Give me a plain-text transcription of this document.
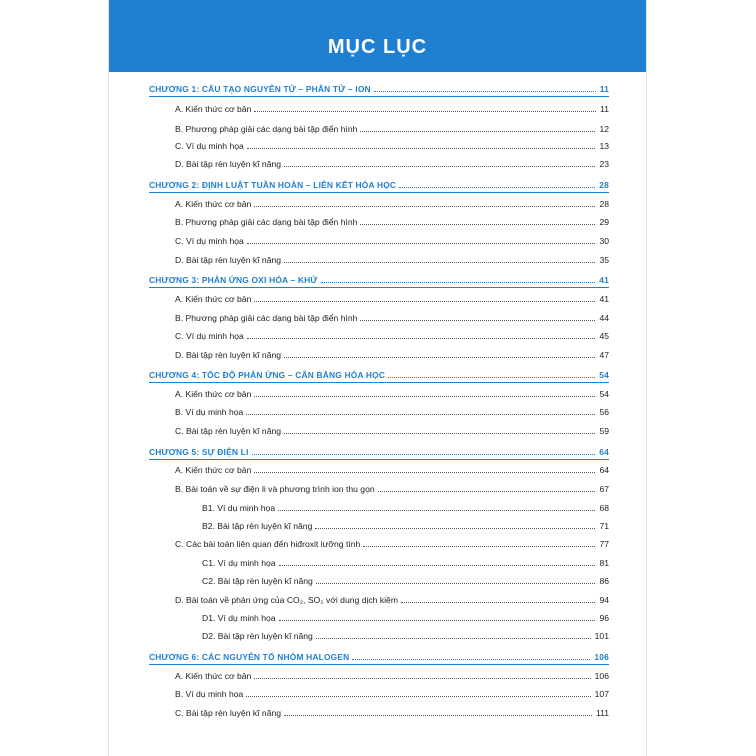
MỤC LỤC
CHƯƠNG 1: CẤU TẠO NGUYÊN TỬ – PHÂN TỬ – ION	11
A. Kiến thức cơ bản	11
B. Phương pháp giải các dạng bài tập điển hình	12
C. Ví dụ minh họa	13
D. Bài tập rèn luyện kĩ năng	23
CHƯƠNG 2: ĐỊNH LUẬT TUẦN HOÀN – LIÊN KẾT HÓA HỌC	28
A. Kiến thức cơ bản	28
B. Phương pháp giải các dạng bài tập điển hình	29
C. Ví dụ minh họa	30
D. Bài tập rèn luyện kĩ năng	35
CHƯƠNG 3: PHẢN ỨNG OXI HÓA – KHỬ	41
A. Kiến thức cơ bản	41
B. Phương pháp giải các dạng bài tập điển hình	44
C. Ví dụ minh họa	45
D. Bài tập rèn luyện kĩ năng	47
CHƯƠNG 4: TỐC ĐỘ PHẢN ỨNG – CÂN BẰNG HÓA HỌC	54
A. Kiến thức cơ bản	54
B. Ví dụ minh họa	56
C. Bài tập rèn luyện kĩ năng	59
CHƯƠNG 5: SỰ ĐIỆN LI	64
A. Kiến thức cơ bản	64
B. Bài toán về sự điện li và phương trình ion thu gọn	67
B1. Ví dụ minh họa	68
B2. Bài tập rèn luyện kĩ năng	71
C. Các bài toán liên quan đến hiđroxit lưỡng tính	77
C1. Ví dụ minh họa	81
C2. Bài tập rèn luyện kĩ năng	86
D. Bài toán về phản ứng của CO₂, SO₂ với dung dịch kiềm	94
D1. Ví dụ minh họa	96
D2. Bài tập rèn luyện kĩ năng	101
CHƯƠNG 6: CÁC NGUYÊN TỐ NHÓM HALOGEN	106
A. Kiến thức cơ bản	106
B. Ví dụ minh họa	107
C. Bài tập rèn luyện kĩ năng	111
